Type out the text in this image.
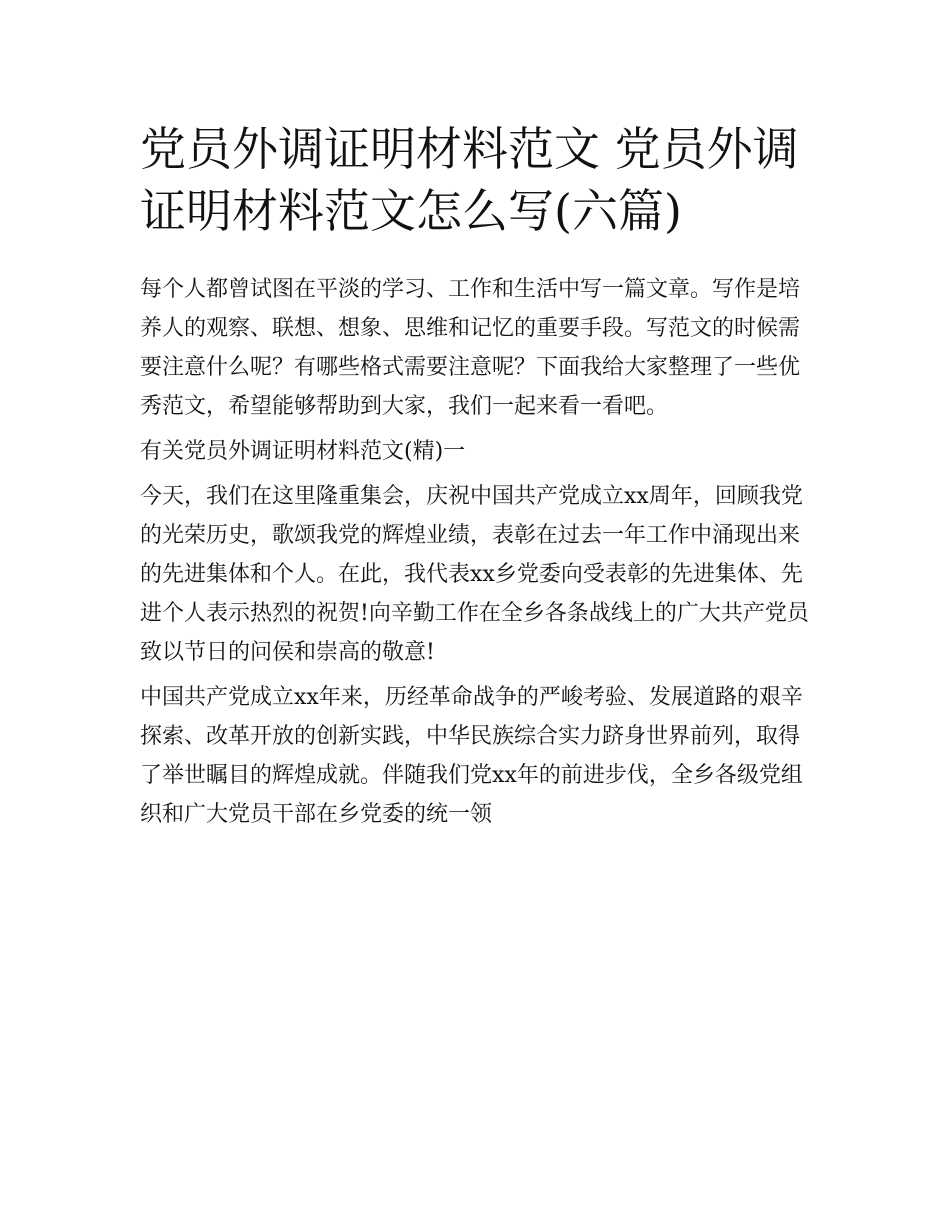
党员外调证明材料范文 党员外调证明材料范文怎么写(六篇)

每个人都曾试图在平淡的学习、工作和生活中写一篇文章。写作是培养人的观察、联想、想象、思维和记忆的重要手段。写范文的时候需要注意什么呢？有哪些格式需要注意呢？下面我给大家整理了一些优秀范文，希望能够帮助到大家，我们一起来看一看吧。

有关党员外调证明材料范文(精)一

今天，我们在这里隆重集会，庆祝中国共产党成立xx周年，回顾我党的光荣历史，歌颂我党的辉煌业绩，表彰在过去一年工作中涌现出来的先进集体和个人。在此，我代表xx乡党委向受表彰的先进集体、先进个人表示热烈的祝贺!向辛勤工作在全乡各条战线上的广大共产党员致以节日的问侯和崇高的敬意!

中国共产党成立xx年来，历经革命战争的严峻考验、发展道路的艰辛探索、改革开放的创新实践，中华民族综合实力跻身世界前列，取得了举世瞩目的辉煌成就。伴随我们党xx年的前进步伐，全乡各级党组织和广大党员干部在乡党委的统一领
